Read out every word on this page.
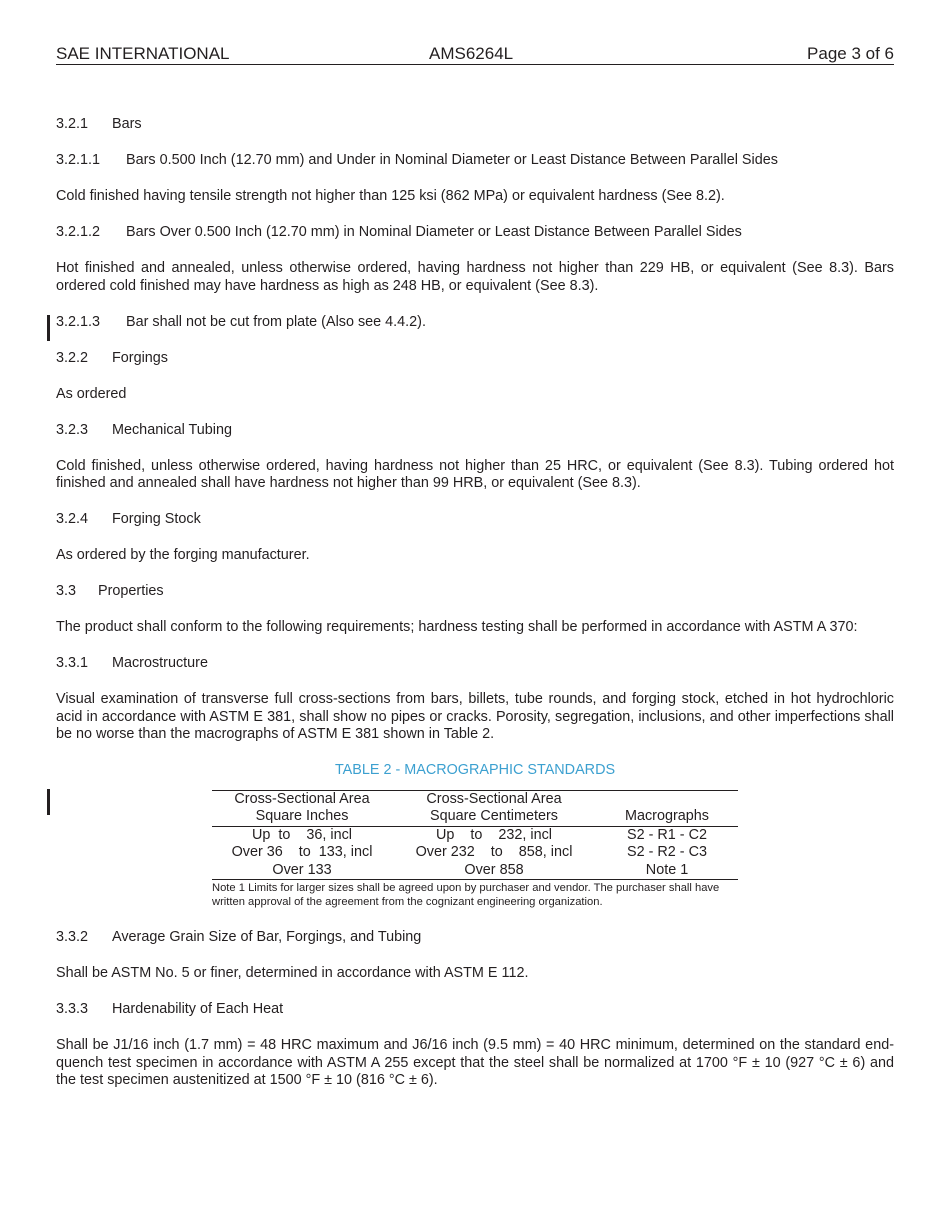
SAE INTERNATIONAL	AMS6264L	Page 3 of 6
3.2.1 Bars
3.2.1.1 Bars 0.500 Inch (12.70 mm) and Under in Nominal Diameter or Least Distance Between Parallel Sides

Cold finished having tensile strength not higher than 125 ksi (862 MPa) or equivalent hardness (See 8.2).

3.2.1.2 Bars Over 0.500 Inch (12.70 mm) in Nominal Diameter or Least Distance Between Parallel Sides

Hot finished and annealed, unless otherwise ordered, having hardness not higher than 229 HB, or equivalent (See 8.3). Bars ordered cold finished may have hardness as high as 248 HB, or equivalent (See 8.3).

3.2.1.3 Bar shall not be cut from plate (Also see 4.4.2).
3.2.2 Forgings

As ordered

3.2.3 Mechanical Tubing

Cold finished, unless otherwise ordered, having hardness not higher than 25 HRC, or equivalent (See 8.3). Tubing ordered hot finished and annealed shall have hardness not higher than 99 HRB, or equivalent (See 8.3).

3.2.4 Forging Stock

As ordered by the forging manufacturer.

3.3 Properties

The product shall conform to the following requirements; hardness testing shall be performed in accordance with ASTM A 370:

3.3.1 Macrostructure

Visual examination of transverse full cross-sections from bars, billets, tube rounds, and forging stock, etched in hot hydrochloric acid in accordance with ASTM E 381, shall show no pipes or cracks. Porosity, segregation, inclusions, and other imperfections shall be no worse than the macrographs of ASTM E 381 shown in Table 2.

TABLE 2 - MACROGRAPHIC STANDARDS
Cross-Sectional Area	Cross-Sectional Area	
Square Inches	Square Centimeters	Macrographs
Up  to    36, incl	Up    to    232, incl	S2 - R1 - C2
Over 36    to  133, incl	Over 232    to    858, incl	S2 - R2 - C3
Over 133	Over 858	Note 1
Note 1 Limits for larger sizes shall be agreed upon by purchaser and vendor. The purchaser shall have written approval of the agreement from the cognizant engineering organization.
3.3.2 Average Grain Size of Bar, Forgings, and Tubing

Shall be ASTM No. 5 or finer, determined in accordance with ASTM E 112.

3.3.3 Hardenability of Each Heat

Shall be J1/16 inch (1.7 mm) = 48 HRC maximum and J6/16 inch (9.5 mm) = 40 HRC minimum, determined on the standard end-quench test specimen in accordance with ASTM A 255 except that the steel shall be normalized at 1700 °F ± 10 (927 °C ± 6) and the test specimen austenitized at 1500 °F ± 10 (816 °C ± 6).
